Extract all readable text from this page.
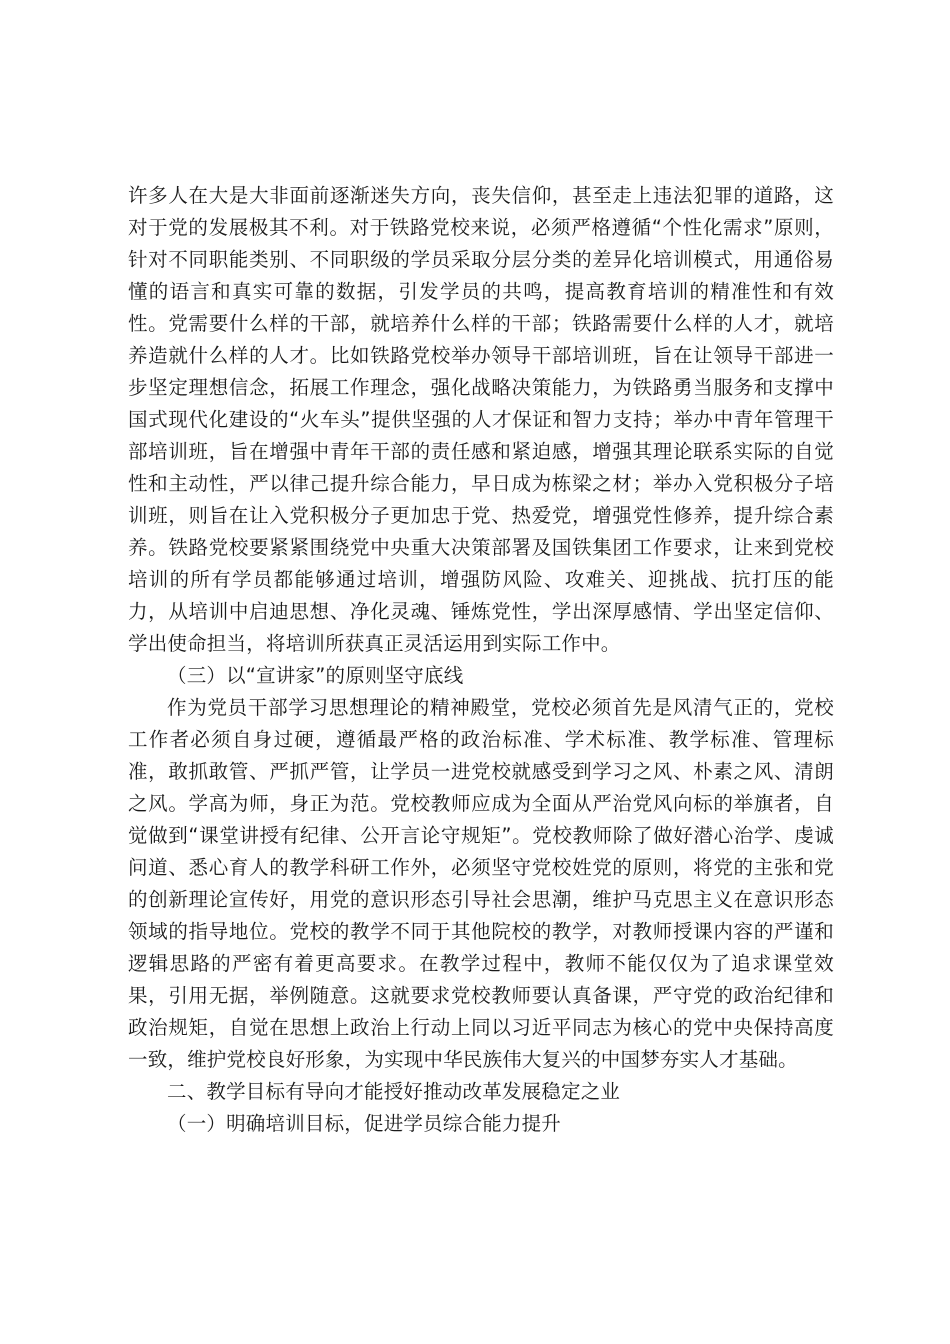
许多人在大是大非面前逐渐迷失方向，丧失信仰，甚至走上违法犯罪的道路，这对于党的发展极其不利。对于铁路党校来说，必须严格遵循“个性化需求”原则，针对不同职能类别、不同职级的学员采取分层分类的差异化培训模式，用通俗易懂的语言和真实可靠的数据，引发学员的共鸣，提高教育培训的精准性和有效性。党需要什么样的干部，就培养什么样的干部；铁路需要什么样的人才，就培养造就什么样的人才。比如铁路党校举办领导干部培训班，旨在让领导干部进一步坚定理想信念，拓展工作理念，强化战略决策能力，为铁路勇当服务和支撑中国式现代化建设的“火车头”提供坚强的人才保证和智力支持；举办中青年管理干部培训班，旨在增强中青年干部的责任感和紧迫感，增强其理论联系实际的自觉性和主动性，严以律己提升综合能力，早日成为栋梁之材；举办入党积极分子培训班，则旨在让入党积极分子更加忠于党、热爱党，增强党性修养，提升综合素养。铁路党校要紧紧围绕党中央重大决策部署及国铁集团工作要求，让来到党校培训的所有学员都能够通过培训，增强防风险、攻难关、迎挑战、抗打压的能力，从培训中启迪思想、净化灵魂、锤炼党性，学出深厚感情、学出坚定信仰、学出使命担当，将培训所获真正灵活运用到实际工作中。

（三）以“宣讲家”的原则坚守底线

作为党员干部学习思想理论的精神殿堂，党校必须首先是风清气正的，党校工作者必须自身过硬，遵循最严格的政治标准、学术标准、教学标准、管理标准，敢抓敢管、严抓严管，让学员一进党校就感受到学习之风、朴素之风、清朗之风。学高为师，身正为范。党校教师应成为全面从严治党风向标的举旗者，自觉做到“课堂讲授有纪律、公开言论守规矩”。党校教师除了做好潜心治学、虔诚问道、悉心育人的教学科研工作外，必须坚守党校姓党的原则，将党的主张和党的创新理论宣传好，用党的意识形态引导社会思潮，维护马克思主义在意识形态领域的指导地位。党校的教学不同于其他院校的教学，对教师授课内容的严谨和逻辑思路的严密有着更高要求。在教学过程中，教师不能仅仅为了追求课堂效果，引用无据，举例随意。这就要求党校教师要认真备课，严守党的政治纪律和政治规矩，自觉在思想上政治上行动上同以习近平同志为核心的党中央保持高度一致，维护党校良好形象，为实现中华民族伟大复兴的中国梦夯实人才基础。

二、教学目标有导向才能授好推动改革发展稳定之业

（一）明确培训目标，促进学员综合能力提升
